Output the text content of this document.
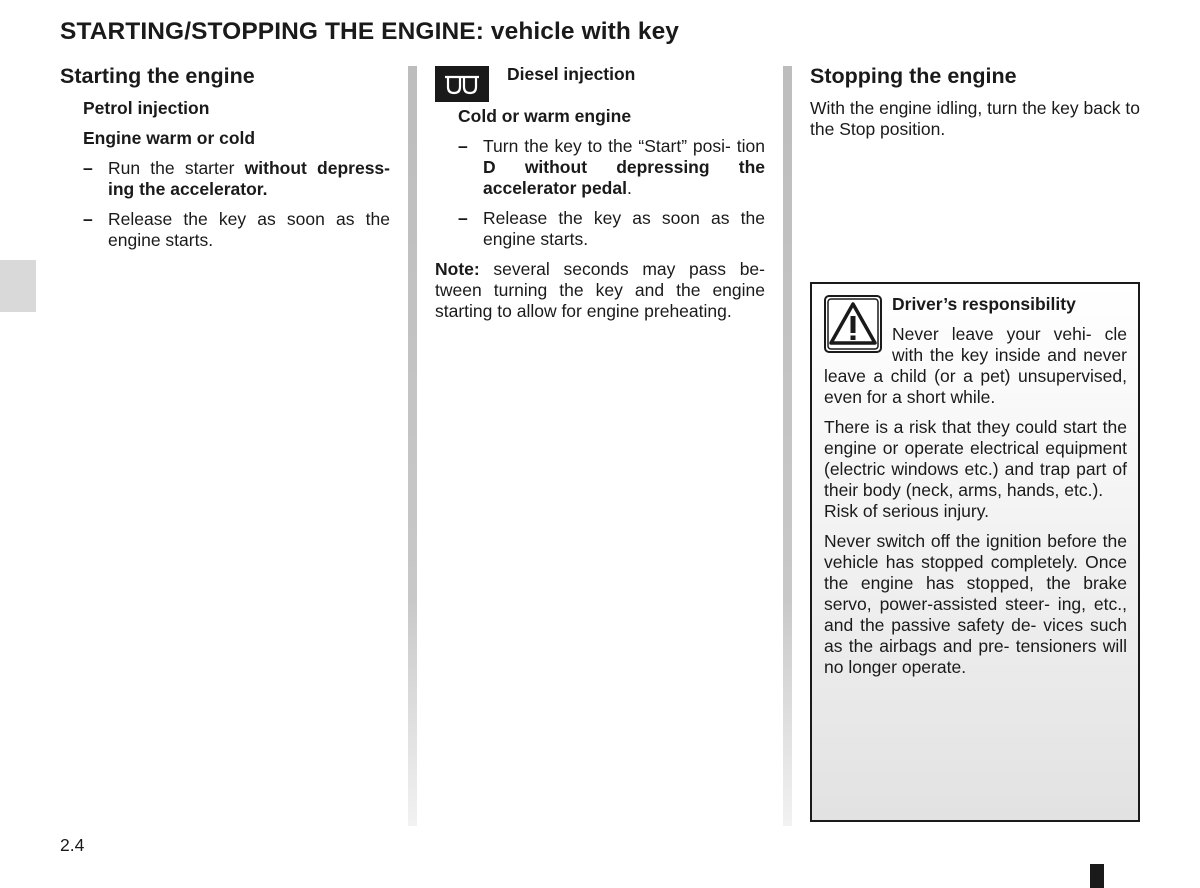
STARTING/STOPPING THE ENGINE: vehicle with key
Starting the engine
Petrol injection
Engine warm or cold
– Run the starter without depress- ing the accelerator.
– Release the key as soon as the engine starts.
Diesel injection
Cold or warm engine
– Turn the key to the “Start” posi- tion D without depressing the accelerator pedal.
– Release the key as soon as the engine starts.

Note: several seconds may pass be- tween turning the key and the engine starting to allow for engine preheating.

Stopping the engine

With the engine idling, turn the key back to the Stop position.

Driver’s responsibility

Never leave your vehi- cle with the key inside and never leave a child (or a pet) unsupervised, even for a short while.

There is a risk that they could start the engine or operate electrical equipment (electric windows etc.) and trap part of their body (neck, arms, hands, etc.).
Risk of serious injury.

Never switch off the ignition before the vehicle has stopped completely. Once the engine has stopped, the brake servo, power-assisted steer- ing, etc., and the passive safety de- vices such as the airbags and pre- tensioners will no longer operate.

2.4
